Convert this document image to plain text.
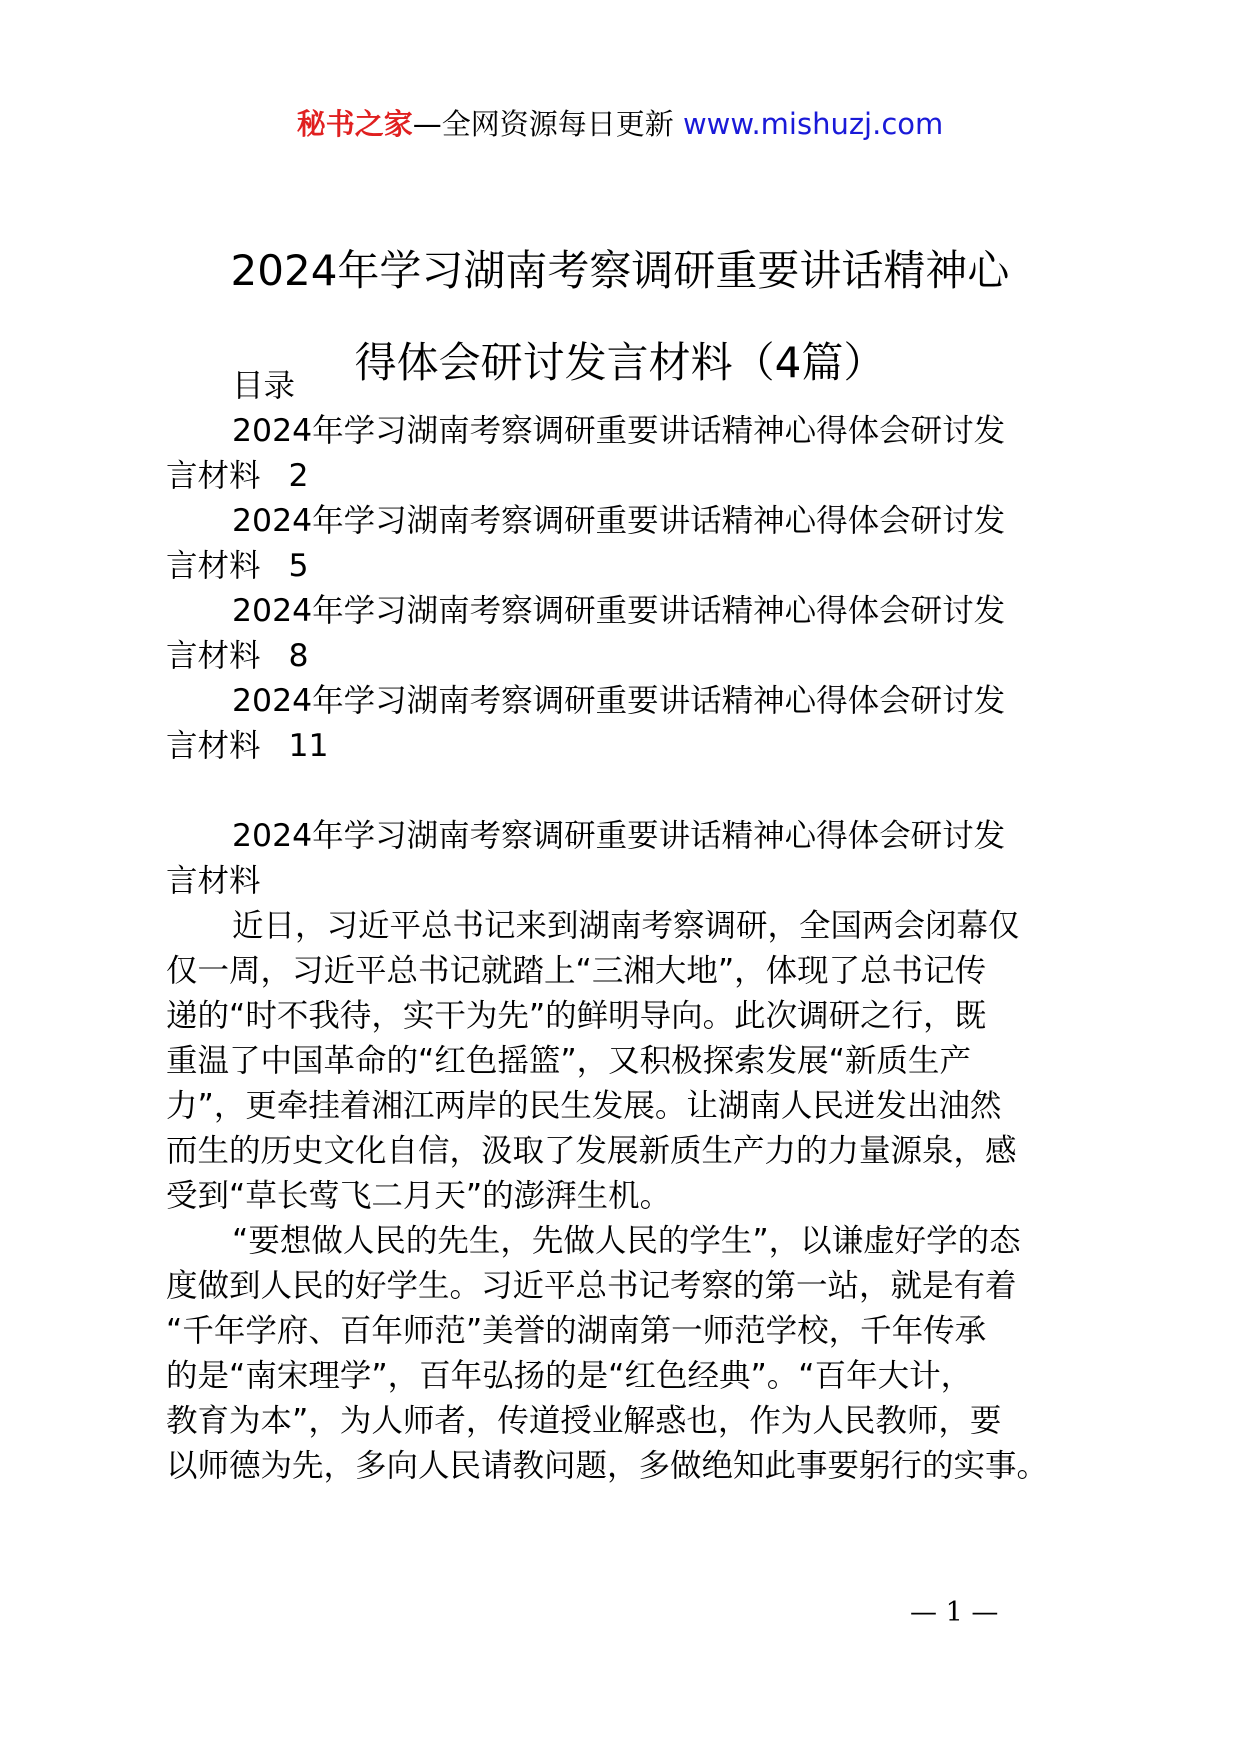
秘书之家—全网资源每日更新 www.mishuzj.com
2024年学习湖南考察调研重要讲话精神心
得体会研讨发言材料（4篇）
目录
2024年学习湖南考察调研重要讲话精神心得体会研讨发
言材料 2
2024年学习湖南考察调研重要讲话精神心得体会研讨发
言材料 5
2024年学习湖南考察调研重要讲话精神心得体会研讨发
言材料 8
2024年学习湖南考察调研重要讲话精神心得体会研讨发
言材料 11
2024年学习湖南考察调研重要讲话精神心得体会研讨发
言材料
近日，习近平总书记来到湖南考察调研，全国两会闭幕仅
仅一周，习近平总书记就踏上“三湘大地”，体现了总书记传
递的“时不我待，实干为先”的鲜明导向。此次调研之行，既
重温了中国革命的“红色摇篮”，又积极探索发展“新质生产
力”，更牵挂着湘江两岸的民生发展。让湖南人民迸发出油然
而生的历史文化自信，汲取了发展新质生产力的力量源泉，感
受到“草长莺飞二月天”的澎湃生机。
“要想做人民的先生，先做人民的学生”，以谦虚好学的态
度做到人民的好学生。习近平总书记考察的第一站，就是有着
“千年学府、百年师范”美誉的湖南第一师范学校，千年传承
的是“南宋理学”，百年弘扬的是“红色经典”。“百年大计，
教育为本”，为人师者，传道授业解惑也，作为人民教师，要
以师德为先，多向人民请教问题，多做绝知此事要躬行的实事。
— 1 —
